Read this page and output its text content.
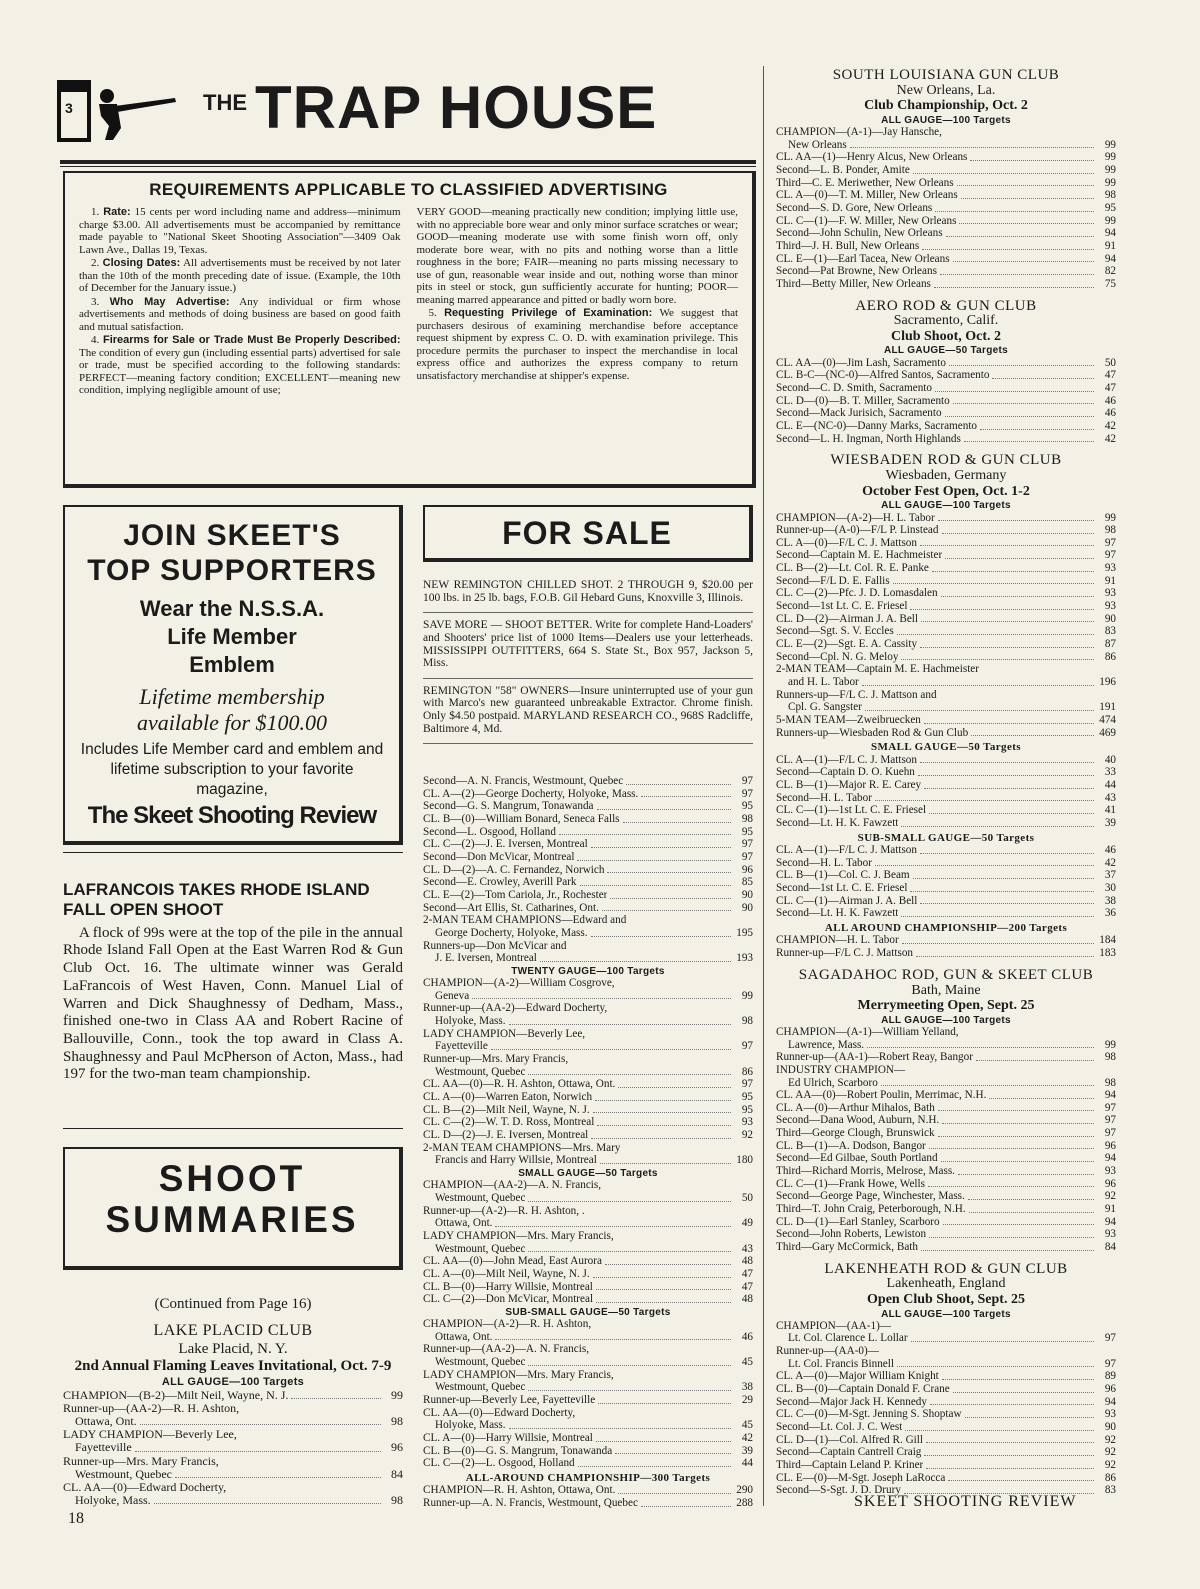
3	THE TRAP HOUSE
REQUIREMENTS APPLICABLE TO CLASSIFIED ADVERTISING
1. Rate: 15 cents per word including name and address—minimum charge $3.00. All advertisements must be accompanied by remittance made payable to "National Skeet Shooting Association"—3409 Oak Lawn Ave., Dallas 19, Texas.
2. Closing Dates: All advertisements must be received by not later than the 10th of the month preceding date of issue. (Example, the 10th of December for the January issue.)
3. Who May Advertise: Any individual or firm whose advertisements and methods of doing business are based on good faith and mutual satisfaction.
4. Firearms for Sale or Trade Must Be Properly Described: The condition of every gun (including essential parts) advertised for sale or trade, must be specified according to the following standards: PERFECT—meaning factory condition; EXCELLENT—meaning new condition, implying negligible amount of use;
VERY GOOD—meaning practically new condition; implying little use, with no appreciable bore wear and only minor surface scratches or wear; GOOD—meaning moderate use with some finish worn off, only moderate bore wear, with no pits and nothing worse than a little roughness in the bore; FAIR—meaning no parts missing necessary to use of gun, reasonable wear inside and out, nothing worse than minor pits in steel or stock, gun sufficiently accurate for hunting; POOR—meaning marred appearance and pitted or badly worn bore.
5. Requesting Privilege of Examination: We suggest that purchasers desirous of examining merchandise before acceptance request shipment by express C. O. D. with examination privilege. This procedure permits the purchaser to inspect the merchandise in local express office and authorizes the express company to return unsatisfactory merchandise at shipper's expense.
JOIN SKEET'S
TOP SUPPORTERS
Wear the N.S.S.A.
Life Member
Emblem
Lifetime membership
available for $100.00
Includes Life Member card and emblem and lifetime subscription to your favorite magazine,
The Skeet Shooting Review
LAFRANCOIS TAKES RHODE ISLAND FALL OPEN SHOOT
A flock of 99s were at the top of the pile in the annual Rhode Island Fall Open at the East Warren Rod & Gun Club Oct. 16. The ultimate winner was Gerald LaFrancois of West Haven, Conn. Manuel Lial of Warren and Dick Shaughnessy of Dedham, Mass., finished one-two in Class AA and Robert Racine of Ballouville, Conn., took the top award in Class A. Shaughnessy and Paul McPherson of Acton, Mass., had 197 for the two-man team championship.
SHOOT
SUMMARIES
(Continued from Page 16)
LAKE PLACID CLUB
Lake Placid, N. Y.
2nd Annual Flaming Leaves Invitational, Oct. 7-9
ALL GAUGE—100 Targets
CHAMPION—(B-2)—Milt Neil, Wayne, N. J.	99
Runner-up—(AA-2)—R. H. Ashton,
Ottawa, Ont.	98
LADY CHAMPION—Beverly Lee,
Fayetteville	96
Runner-up—Mrs. Mary Francis,
Westmount, Quebec	84
CL. AA—(0)—Edward Docherty,
Holyoke, Mass.	98
FOR SALE
NEW REMINGTON CHILLED SHOT. 2 THROUGH 9, $20.00 per 100 lbs. in 25 lb. bags, F.O.B. Gil Hebard Guns, Knoxville 3, Illinois.
SAVE MORE — SHOOT BETTER. Write for complete Hand-Loaders' and Shooters' price list of 1000 Items—Dealers use your letterheads. MISSISSIPPI OUTFITTERS, 664 S. State St., Box 957, Jackson 5, Miss.
REMINGTON "58" OWNERS—Insure uninterrupted use of your gun with Marco's new guaranteed unbreakable Extractor. Chrome finish. Only $4.50 postpaid. MARYLAND RESEARCH CO., 968S Radcliffe, Baltimore 4, Md.
Second—A. N. Francis, Westmount, Quebec	97
CL. A—(2)—George Docherty, Holyoke, Mass.	97
Second—G. S. Mangrum, Tonawanda	95
CL. B—(0)—William Bonard, Seneca Falls	98
Second—L. Osgood, Holland	95
CL. C—(2)—J. E. Iversen, Montreal	97
Second—Don McVicar, Montreal	97
CL. D—(2)—A. C. Fernandez, Norwich	96
Second—E. Crowley, Averill Park	85
CL. E—(2)—Tom Cariola, Jr., Rochester	90
Second—Art Ellis, St. Catharines, Ont.	90
2-MAN TEAM CHAMPIONS—Edward and
George Docherty, Holyoke, Mass.	195
Runners-up—Don McVicar and
J. E. Iversen, Montreal	193
TWENTY GAUGE—100 Targets
CHAMPION—(A-2)—William Cosgrove,
Geneva	99
Runner-up—(AA-2)—Edward Docherty,
Holyoke, Mass.	98
LADY CHAMPION—Beverly Lee,
Fayetteville	97
Runner-up—Mrs. Mary Francis,
Westmount, Quebec	86
CL. AA—(0)—R. H. Ashton, Ottawa, Ont.	97
CL. A—(0)—Warren Eaton, Norwich	95
CL. B—(2)—Milt Neil, Wayne, N. J.	95
CL. C—(2)—W. T. D. Ross, Montreal	93
CL. D—(2)—J. E. Iversen, Montreal	92
2-MAN TEAM CHAMPIONS—Mrs. Mary
Francis and Harry Willsie, Montreal	180
SMALL GAUGE—50 Targets
CHAMPION—(AA-2)—A. N. Francis,
Westmount, Quebec	50
Runner-up—(A-2)—R. H. Ashton, .
Ottawa, Ont.	49
LADY CHAMPION—Mrs. Mary Francis,
Westmount, Quebec	43
CL. AA—(0)—John Mead, East Aurora	48
CL. A—(0)—Milt Neil, Wayne, N. J.	47
CL. B—(0)—Harry Willsie, Montreal	47
CL. C—(2)—Don McVicar, Montreal	48
SUB-SMALL GAUGE—50 Targets
CHAMPION—(A-2)—R. H. Ashton,
Ottawa, Ont.	46
Runner-up—(AA-2)—A. N. Francis,
Westmount, Quebec	45
LADY CHAMPION—Mrs. Mary Francis,
Westmount, Quebec	38
Runner-up—Beverly Lee, Fayetteville	29
CL. AA—(0)—Edward Docherty,
Holyoke, Mass.	45
CL. A—(0)—Harry Willsie, Montreal	42
CL. B—(0)—G. S. Mangrum, Tonawanda	39
CL. C—(2)—L. Osgood, Holland	44
ALL-AROUND CHAMPIONSHIP—300 Targets
CHAMPION—R. H. Ashton, Ottawa, Ont.	290
Runner-up—A. N. Francis, Westmount, Quebec	288
SOUTH LOUISIANA GUN CLUB
New Orleans, La.
Club Championship, Oct. 2
ALL GAUGE—100 Targets
CHAMPION—(A-1)—Jay Hansche,
New Orleans	99
CL. AA—(1)—Henry Alcus, New Orleans	99
Second—L. B. Ponder, Amite	99
Third—C. E. Meriwether, New Orleans	99
CL. A—(0)—T. M. Miller, New Orleans	98
Second—S. D. Gore, New Orleans	95
CL. C—(1)—F. W. Miller, New Orleans	99
Second—John Schulin, New Orleans	94
Third—J. H. Bull, New Orleans	91
CL. E—(1)—Earl Tacea, New Orleans	94
Second—Pat Browne, New Orleans	82
Third—Betty Miller, New Orleans	75
AERO ROD & GUN CLUB
Sacramento, Calif.
Club Shoot, Oct. 2
ALL GAUGE—50 Targets
CL. AA—(0)—Jim Lash, Sacramento	50
CL. B-C—(NC-0)—Alfred Santos, Sacramento	47
Second—C. D. Smith, Sacramento	47
CL. D—(0)—B. T. Miller, Sacramento	46
Second—Mack Jurisich, Sacramento	46
CL. E—(NC-0)—Danny Marks, Sacramento	42
Second—L. H. Ingman, North Highlands	42
WIESBADEN ROD & GUN CLUB
Wiesbaden, Germany
October Fest Open, Oct. 1-2
ALL GAUGE—100 Targets
CHAMPION—(A-2)—H. L. Tabor	99
Runner-up—(A-0)—F/L P. Linstead	98
CL. A—(0)—F/L C. J. Mattson	97
Second—Captain M. E. Hachmeister	97
CL. B—(2)—Lt. Col. R. E. Panke	93
Second—F/L D. E. Fallis	91
CL. C—(2)—Pfc. J. D. Lomasdalen	93
Second—1st Lt. C. E. Friesel	93
CL. D—(2)—Airman J. A. Bell	90
Second—Sgt. S. V. Eccles	83
CL. E—(2)—Sgt. E. A. Cassity	87
Second—Cpl. N. G. Meloy	86
2-MAN TEAM—Captain M. E. Hachmeister
and H. L. Tabor	196
Runners-up—F/L C. J. Mattson and
Cpl. G. Sangster	191
5-MAN TEAM—Zweibruecken	474
Runners-up—Wiesbaden Rod & Gun Club	469
SMALL GAUGE—50 Targets
CL. A—(1)—F/L C. J. Mattson	40
Second—Captain D. O. Kuehn	33
CL. B—(1)—Major R. E. Carey	44
Second—H. L. Tabor	43
CL. C—(1)—1st Lt. C. E. Friesel	41
Second—Lt. H. K. Fawzett	39
SUB-SMALL GAUGE—50 Targets
CL. A—(1)—F/L C. J. Mattson	46
Second—H. L. Tabor	42
CL. B—(1)—Col. C. J. Beam	37
Second—1st Lt. C. E. Friesel	30
CL. C—(1)—Airman J. A. Bell	38
Second—Lt. H. K. Fawzett	36
ALL AROUND CHAMPIONSHIP—200 Targets
CHAMPION—H. L. Tabor	184
Runner-up—F/L C. J. Mattson	183
SAGADAHOC ROD, GUN & SKEET CLUB
Bath, Maine
Merrymeeting Open, Sept. 25
ALL GAUGE—100 Targets
CHAMPION—(A-1)—William Yelland,
Lawrence, Mass.	99
Runner-up—(AA-1)—Robert Reay, Bangor	98
INDUSTRY CHAMPION—
Ed Ulrich, Scarboro	98
CL. AA—(0)—Robert Poulin, Merrimac, N.H.	94
CL. A—(0)—Arthur Mihalos, Bath	97
Second—Dana Wood, Auburn, N.H.	97
Third—George Clough, Brunswick	97
CL. B—(1)—A. Dodson, Bangor	96
Second—Ed Gilbae, South Portland	94
Third—Richard Morris, Melrose, Mass.	93
CL. C—(1)—Frank Howe, Wells	96
Second—George Page, Winchester, Mass.	92
Third—T. John Craig, Peterborough, N.H.	91
CL. D—(1)—Earl Stanley, Scarboro	94
Second—John Roberts, Lewiston	93
Third—Gary McCormick, Bath	84
LAKENHEATH ROD & GUN CLUB
Lakenheath, England
Open Club Shoot, Sept. 25
ALL GAUGE—100 Targets
CHAMPION—(AA-1)—
Lt. Col. Clarence L. Lollar	97
Runner-up—(AA-0)—
Lt. Col. Francis Binnell	97
CL. A—(0)—Major William Knight	89
CL. B—(0)—Captain Donald F. Crane	96
Second—Major Jack H. Kennedy	94
CL. C—(0)—M-Sgt. Jenning S. Shoptaw	93
Second—Lt. Col. J. C. West	90
CL. D—(1)—Col. Alfred R. Gill	92
Second—Captain Cantrell Craig	92
Third—Captain Leland P. Kriner	92
CL. E—(0)—M-Sgt. Joseph LaRocca	86
Second—S-Sgt. J. D. Drury	83
18
SKEET SHOOTING REVIEW
